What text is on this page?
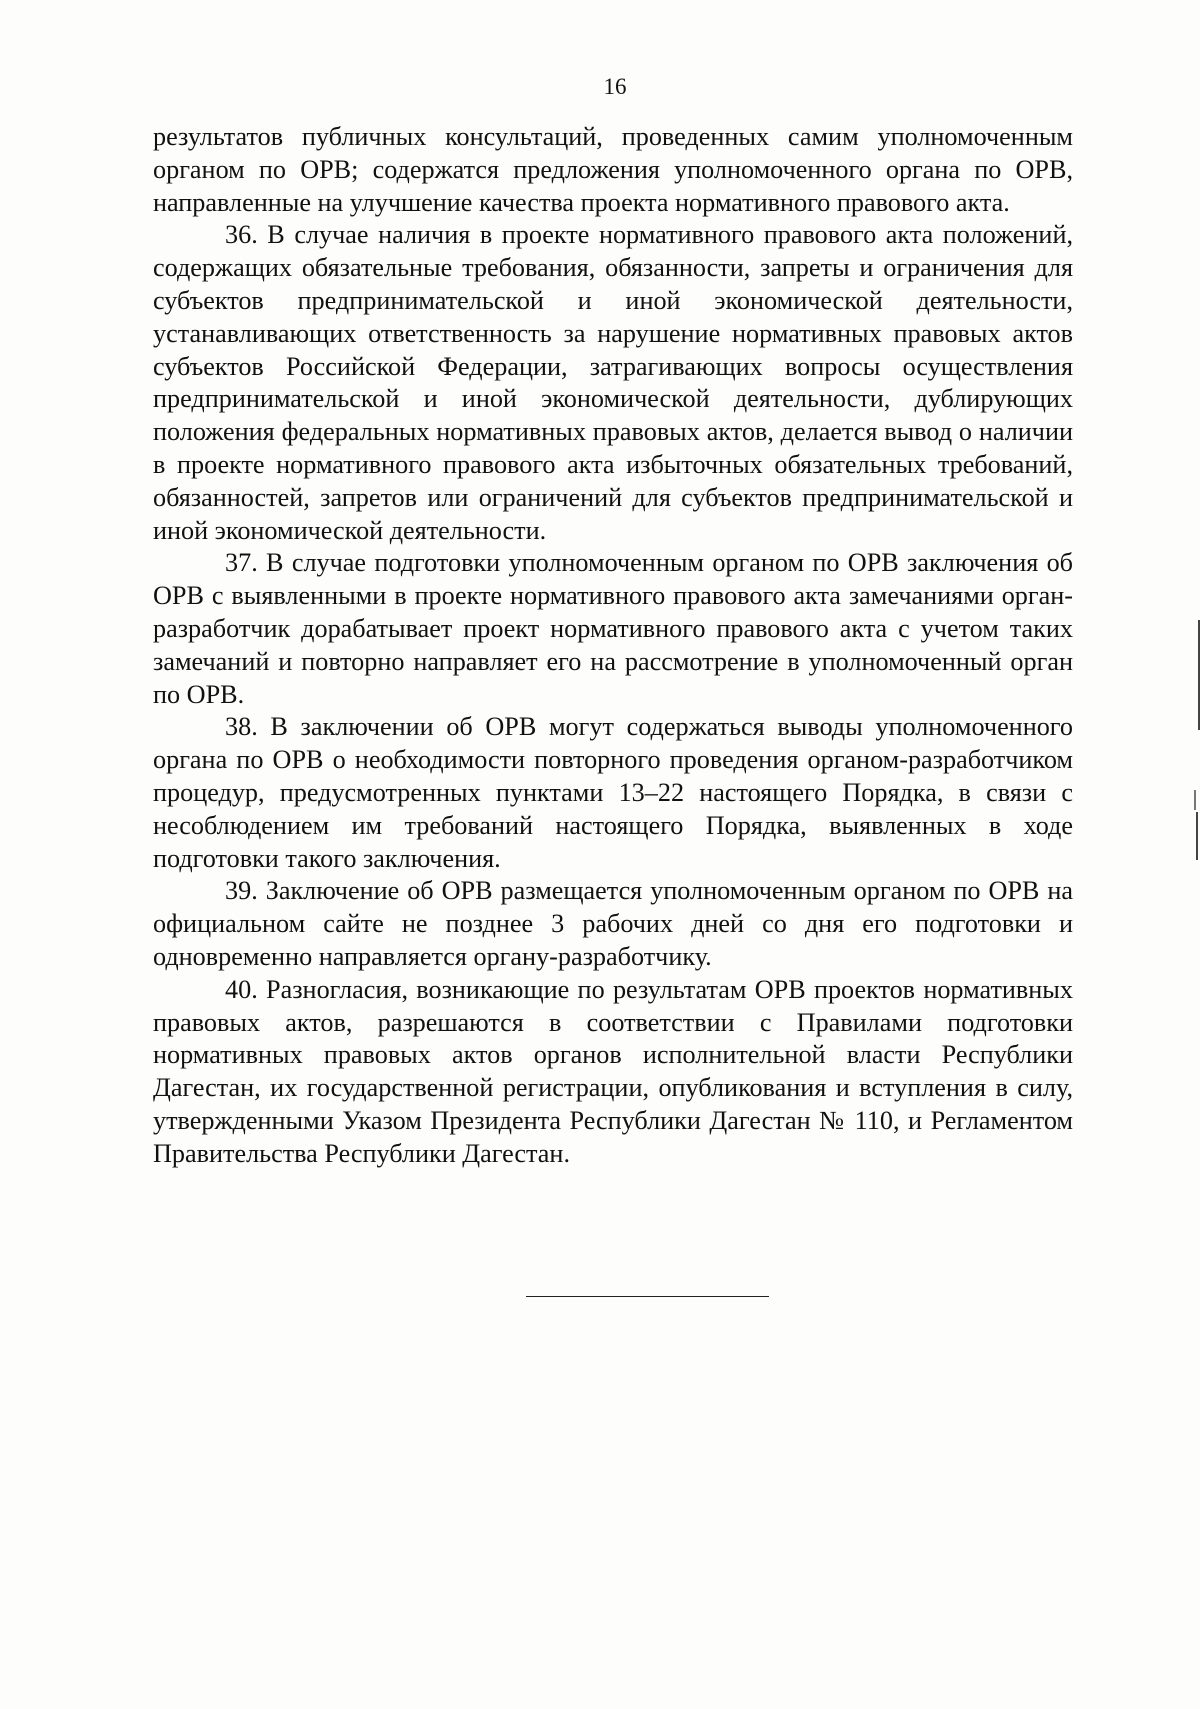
16

результатов публичных консультаций, проведенных самим уполномоченным органом по ОРВ; содержатся предложения уполномоченного органа по ОРВ, направленные на улучшение качества проекта нормативного правового акта.

36. В случае наличия в проекте нормативного правового акта положений, содержащих обязательные требования, обязанности, запреты и ограничения для субъектов предпринимательской и иной экономической деятельности, устанавливающих ответственность за нарушение нормативных правовых актов субъектов Российской Федерации, затрагивающих вопросы осуществления предпринимательской и иной экономической деятельности, дублирующих положения федеральных нормативных правовых актов, делается вывод о наличии в проекте нормативного правового акта избыточных обязательных требований, обязанностей, запретов или ограничений для субъектов предпринимательской и иной экономической деятельности.

37. В случае подготовки уполномоченным органом по ОРВ заключения об ОРВ с выявленными в проекте нормативного правового акта замечаниями орган-разработчик дорабатывает проект нормативного правового акта с учетом таких замечаний и повторно направляет его на рассмотрение в уполномоченный орган по ОРВ.

38. В заключении об ОРВ могут содержаться выводы уполномоченного органа по ОРВ о необходимости повторного проведения органом-разработчиком процедур, предусмотренных пунктами 13–22 настоящего Порядка, в связи с несоблюдением им требований настоящего Порядка, выявленных в ходе подготовки такого заключения.

39. Заключение об ОРВ размещается уполномоченным органом по ОРВ на официальном сайте не позднее 3 рабочих дней со дня его подготовки и одновременно направляется органу-разработчику.

40. Разногласия, возникающие по результатам ОРВ проектов нормативных правовых актов, разрешаются в соответствии с Правилами подготовки нормативных правовых актов органов исполнительной власти Республики Дагестан, их государственной регистрации, опубликования и вступления в силу, утвержденными Указом Президента Республики Дагестан № 110, и Регламентом Правительства Республики Дагестан.
